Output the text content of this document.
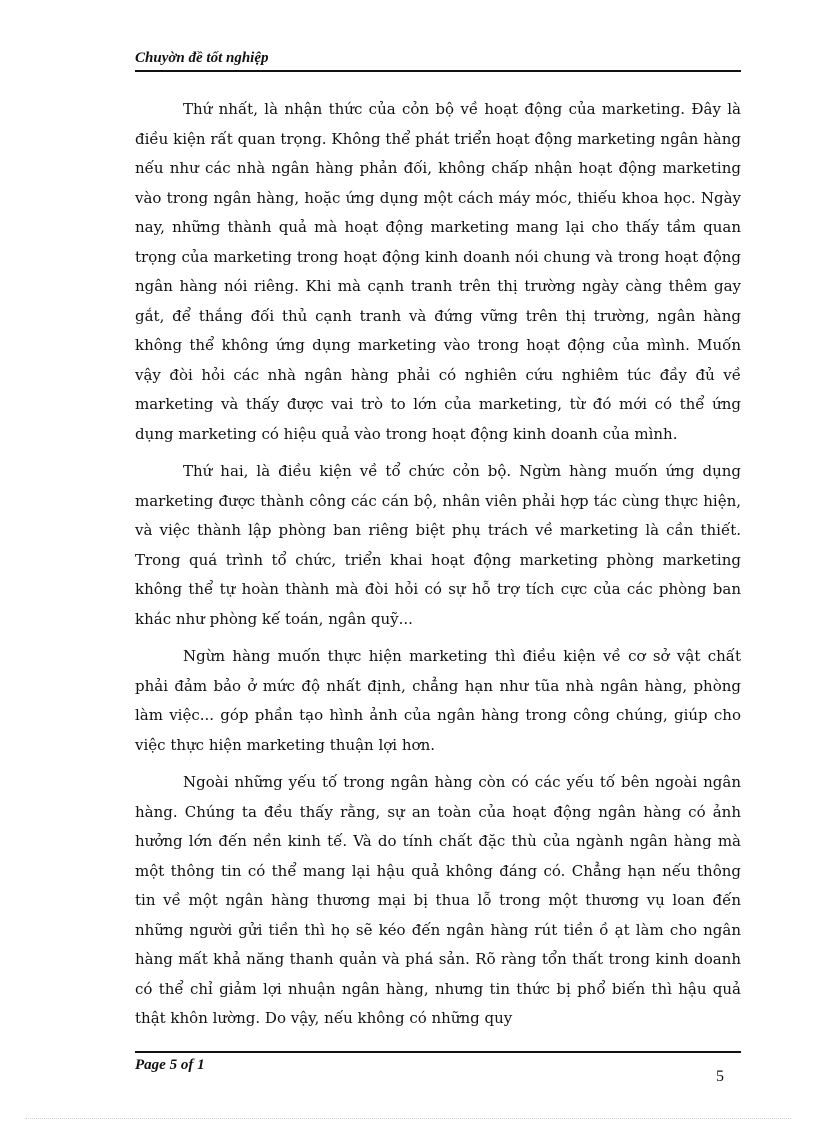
Chuyờn đề tốt nghiệp

Thứ nhất, là nhận thức của cỏn bộ về hoạt động của marketing. Đây là điều kiện rất quan trọng. Không thể phát triển hoạt động marketing ngân hàng nếu như các nhà ngân hàng phản đối, không chấp nhận hoạt động marketing vào trong ngân hàng, hoặc ứng dụng một cách máy móc, thiếu khoa học. Ngày nay, những thành quả mà hoạt động marketing mang lại cho thấy tầm quan trọng của marketing trong hoạt động kinh doanh nói chung và trong hoạt động ngân hàng nói riêng. Khi mà cạnh tranh trên thị trường ngày càng thêm gay gắt, để thắng đối thủ cạnh tranh và đứng vững trên thị trường, ngân hàng không thể không ứng dụng marketing vào trong hoạt động của mình. Muốn vậy đòi hỏi các nhà ngân hàng phải có nghiên cứu nghiêm túc đầy đủ về marketing và thấy được vai trò to lớn của marketing, từ đó mới có thể ứng dụng marketing có hiệu quả vào trong hoạt động kinh doanh của mình.

Thứ hai, là điều kiện về tổ chức cỏn bộ. Ngừn hàng muốn ứng dụng marketing được thành công các cán bộ, nhân viên phải hợp tác cùng thực hiện, và việc thành lập phòng ban riêng biệt phụ trách về marketing là cần thiết. Trong quá trình tổ chức, triển khai hoạt động marketing phòng marketing không thể tự hoàn thành mà đòi hỏi có sự hỗ trợ tích cực của các phòng ban khác như phòng kế toán, ngân quỹ...

Ngừn hàng muốn thực hiện marketing thì điều kiện về cơ sở vật chất phải đảm bảo ở mức độ nhất định, chẳng hạn như tũa nhà ngân hàng, phòng làm việc... góp phần tạo hình ảnh của ngân hàng trong công chúng, giúp cho việc thực hiện marketing thuận lợi hơn.

Ngoài những yếu tố trong ngân hàng còn có các yếu tố bên ngoài ngân hàng. Chúng ta đều thấy rằng, sự an toàn của hoạt động ngân hàng có ảnh hưởng lớn đến nền kinh tế. Và do tính chất đặc thù của ngành ngân hàng mà một thông tin có thể mang lại hậu quả không đáng có. Chẳng hạn nếu thông tin về một ngân hàng thương mại bị thua lỗ trong một thương vụ loan đến những người gửi tiền thì họ sẽ kéo đến ngân hàng rút tiền ồ ạt làm cho ngân hàng mất khả năng thanh quản và phá sản. Rõ ràng tổn thất trong kinh doanh có thể chỉ giảm lợi nhuận ngân hàng, nhưng tin thức bị phổ biến thì hậu quả thật khôn lường. Do vậy, nếu không có những quy

Page 5 of 1
5
